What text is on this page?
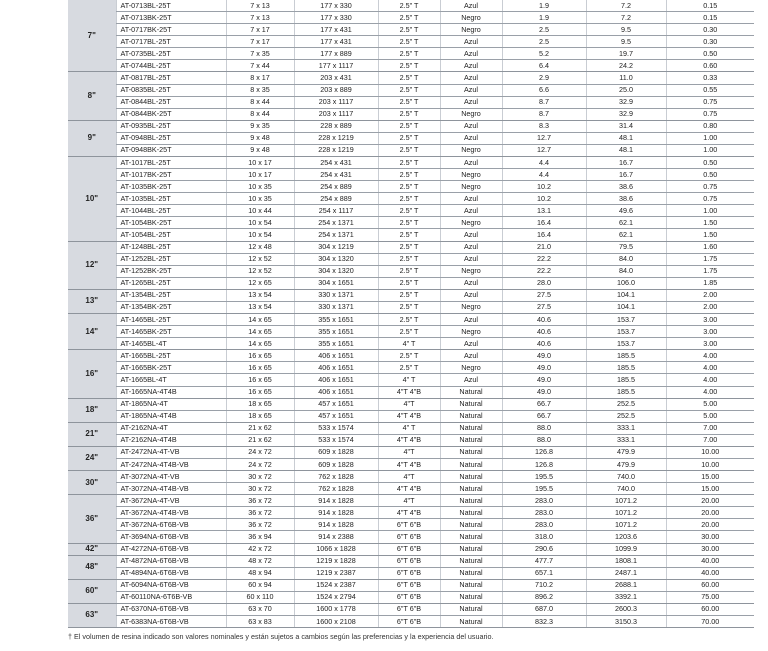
7"	AT-0713BL-25T	7 x 13	177 x 330	2.5" T	Azul	1.9	7.2	0.15
	AT-0713BK-25T	7 x 13	177 x 330	2.5" T	Negro	1.9	7.2	0.15
	AT-0717BK-25T	7 x 17	177 x 431	2.5" T	Negro	2.5	9.5	0.30
	AT-0717BL-25T	7 x 17	177 x 431	2.5" T	Azul	2.5	9.5	0.30
	AT-0735BL-25T	7 x 35	177 x 889	2.5" T	Azul	5.2	19.7	0.50
	AT-0744BL-25T	7 x 44	177 x 1117	2.5" T	Azul	6.4	24.2	0.60
8"	AT-0817BL-25T	8 x 17	203 x 431	2.5" T	Azul	2.9	11.0	0.33
	AT-0835BL-25T	8 x 35	203 x 889	2.5" T	Azul	6.6	25.0	0.55
	AT-0844BL-25T	8 x 44	203 x 1117	2.5" T	Azul	8.7	32.9	0.75
	AT-0844BK-25T	8 x 44	203 x 1117	2.5" T	Negro	8.7	32.9	0.75
9"	AT-0935BL-25T	9 x 35	228 x 889	2.5" T	Azul	8.3	31.4	0.80
	AT-0948BL-25T	9 x 48	228 x 1219	2.5" T	Azul	12.7	48.1	1.00
	AT-0948BK-25T	9 x 48	228 x 1219	2.5" T	Negro	12.7	48.1	1.00
10"	AT-1017BL-25T	10 x 17	254 x 431	2.5" T	Azul	4.4	16.7	0.50
	AT-1017BK-25T	10 x 17	254 x 431	2.5" T	Negro	4.4	16.7	0.50
	AT-1035BK-25T	10 x 35	254 x 889	2.5" T	Negro	10.2	38.6	0.75
	AT-1035BL-25T	10 x 35	254 x 889	2.5" T	Azul	10.2	38.6	0.75
	AT-1044BL-25T	10 x 44	254 x 1117	2.5" T	Azul	13.1	49.6	1.00
	AT-1054BK-25T	10 x 54	254 x 1371	2.5" T	Negro	16.4	62.1	1.50
	AT-1054BL-25T	10 x 54	254 x 1371	2.5" T	Azul	16.4	62.1	1.50
12"	AT-1248BL-25T	12 x 48	304 x 1219	2.5" T	Azul	21.0	79.5	1.60
	AT-1252BL-25T	12 x 52	304 x 1320	2.5" T	Azul	22.2	84.0	1.75
	AT-1252BK-25T	12 x 52	304 x 1320	2.5" T	Negro	22.2	84.0	1.75
	AT-1265BL-25T	12 x 65	304 x 1651	2.5" T	Azul	28.0	106.0	1.85
13"	AT-1354BL-25T	13 x 54	330 x 1371	2.5" T	Azul	27.5	104.1	2.00
	AT-1354BK-25T	13 x 54	330 x 1371	2.5" T	Negro	27.5	104.1	2.00
14"	AT-1465BL-25T	14 x 65	355 x 1651	2.5" T	Azul	40.6	153.7	3.00
	AT-1465BK-25T	14 x 65	355 x 1651	2.5" T	Negro	40.6	153.7	3.00
	AT-1465BL-4T	14 x 65	355 x 1651	4" T	Azul	40.6	153.7	3.00
16"	AT-1665BL-25T	16 x 65	406 x 1651	2.5" T	Azul	49.0	185.5	4.00
	AT-1665BK-25T	16 x 65	406 x 1651	2.5" T	Negro	49.0	185.5	4.00
	AT-1665BL-4T	16 x 65	406 x 1651	4" T	Azul	49.0	185.5	4.00
	AT-1665NA-4T4B	16 x 65	406 x 1651	4"T 4"B	Natural	49.0	185.5	4.00
18"	AT-1865NA-4T	18 x 65	457 x 1651	4"T	Natural	66.7	252.5	5.00
	AT-1865NA-4T4B	18 x 65	457 x 1651	4"T 4"B	Natural	66.7	252.5	5.00
21"	AT-2162NA-4T	21 x 62	533 x 1574	4" T	Natural	88.0	333.1	7.00
	AT-2162NA-4T4B	21 x 62	533 x 1574	4"T 4"B	Natural	88.0	333.1	7.00
24"	AT-2472NA-4T-VB	24 x 72	609 x 1828	4"T	Natural	126.8	479.9	10.00
	AT-2472NA-4T4B-VB	24 x 72	609 x 1828	4"T 4"B	Natural	126.8	479.9	10.00
30"	AT-3072NA-4T-VB	30 x 72	762 x 1828	4"T	Natural	195.5	740.0	15.00
	AT-3072NA-4T4B-VB	30 x 72	762 x 1828	4"T 4"B	Natural	195.5	740.0	15.00
36"	AT-3672NA-4T-VB	36 x 72	914 x 1828	4"T	Natural	283.0	1071.2	20.00
	AT-3672NA-4T4B-VB	36 x 72	914 x 1828	4"T 4"B	Natural	283.0	1071.2	20.00
	AT-3672NA-6T6B-VB	36 x 72	914 x 1828	6"T 6"B	Natural	283.0	1071.2	20.00
	AT-3694NA-6T6B-VB	36 x 94	914 x 2388	6"T 6"B	Natural	318.0	1203.6	30.00
42"	AT-4272NA-6T6B-VB	42 x 72	1066 x 1828	6"T 6"B	Natural	290.6	1099.9	30.00
48"	AT-4872NA-6T6B-VB	48 x 72	1219 x 1828	6"T 6"B	Natural	477.7	1808.1	40.00
	AT-4894NA-6T6B-VB	48 x 94	1219 x 2387	6"T 6"B	Natural	657.1	2487.1	40.00
60"	AT-6094NA-6T6B-VB	60 x 94	1524 x 2387	6"T 6"B	Natural	710.2	2688.1	60.00
	AT-60110NA-6T6B-VB	60 x 110	1524 x 2794	6"T 6"B	Natural	896.2	3392.1	75.00
63"	AT-6370NA-6T6B-VB	63 x 70	1600 x 1778	6"T 6"B	Natural	687.0	2600.3	60.00
	AT-6383NA-6T6B-VB	63 x 83	1600 x 2108	6"T 6"B	Natural	832.3	3150.3	70.00
† El volumen de resina indicado son valores nominales y están sujetos a cambios según las preferencias y la experiencia del usuario.
